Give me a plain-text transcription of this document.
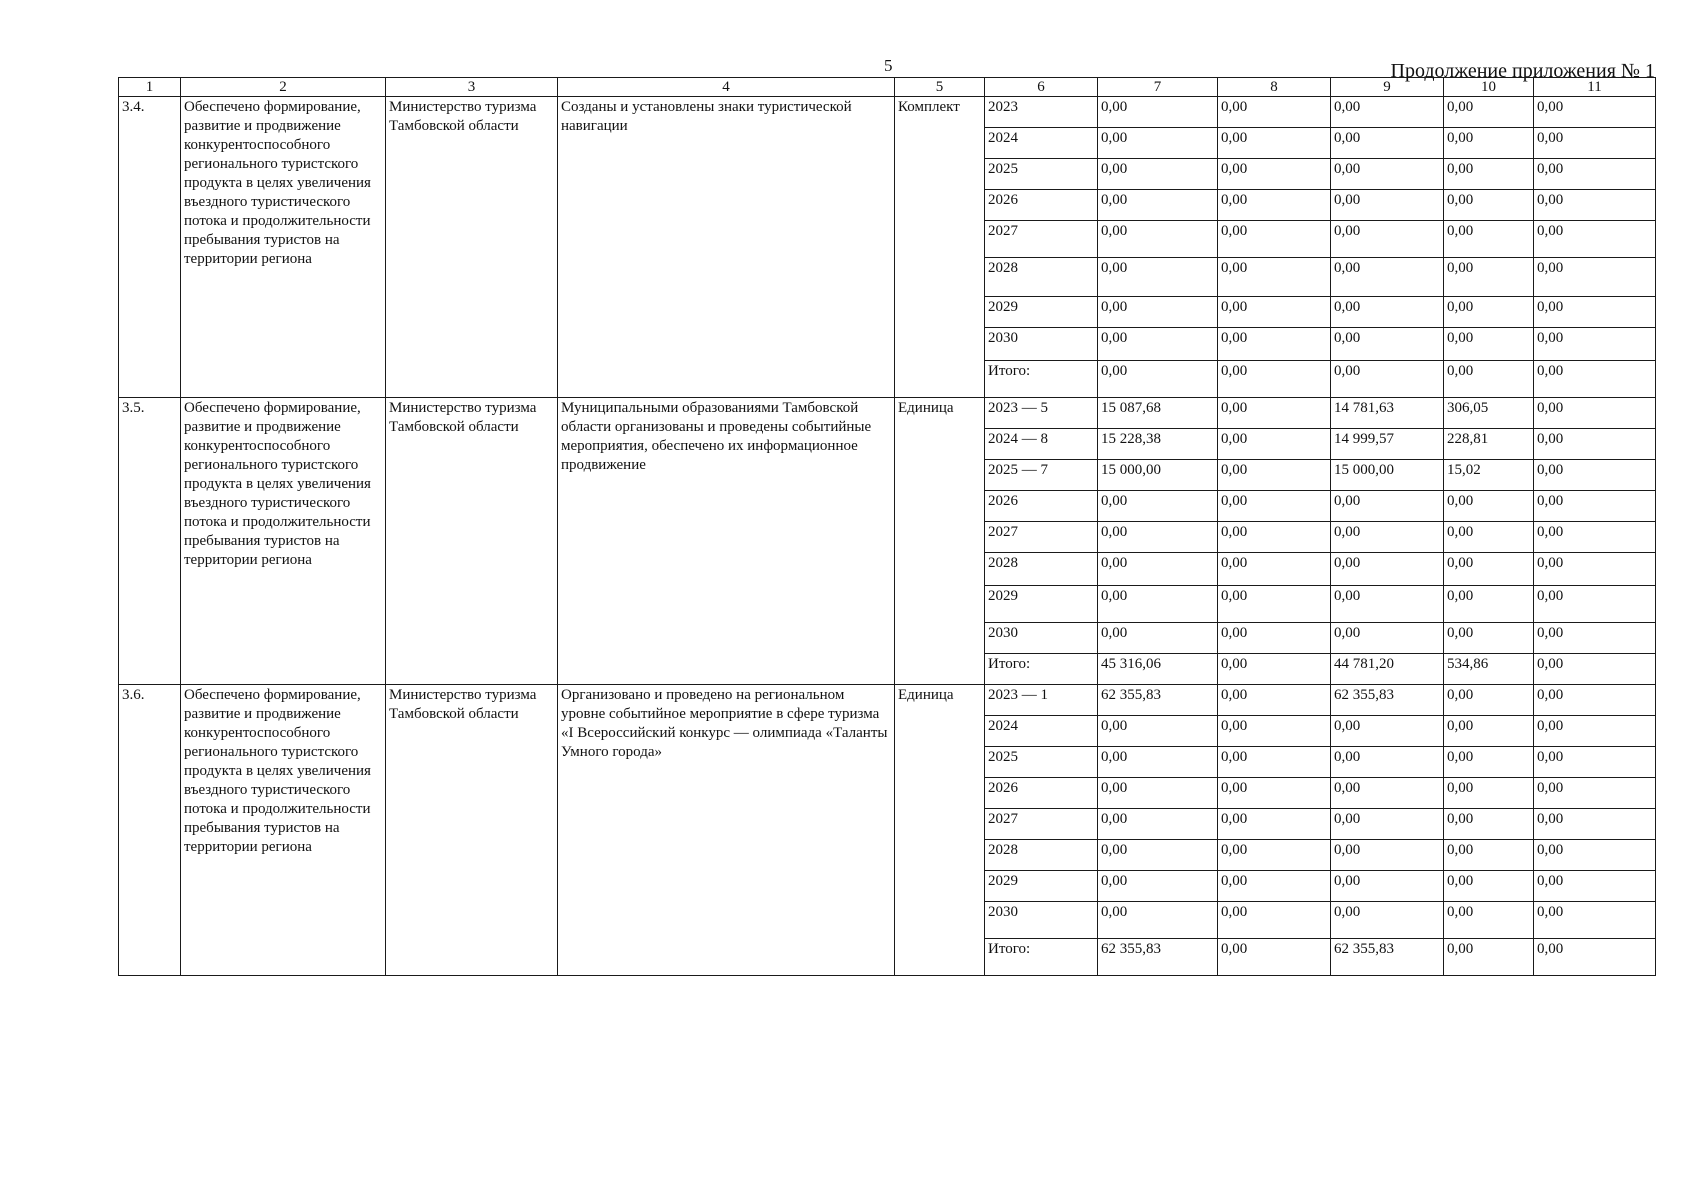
5	Продолжение приложения № 1
1	2	3	4	5	6	7	8	9	10	11
3.4.	Обеспечено формирование, развитие и продвижение конкурентоспособного регионального туристского продукта в целях увеличения въездного туристического потока и продолжительности пребывания туристов на территории региона	Министерство туризма Тамбовской области	Созданы и установлены знаки туристической навигации	Комплект	2023	0,00	0,00	0,00	0,00	0,00
					2024	0,00	0,00	0,00	0,00	0,00
					2025	0,00	0,00	0,00	0,00	0,00
					2026	0,00	0,00	0,00	0,00	0,00
					2027	0,00	0,00	0,00	0,00	0,00
					2028	0,00	0,00	0,00	0,00	0,00
					2029	0,00	0,00	0,00	0,00	0,00
					2030	0,00	0,00	0,00	0,00	0,00
					Итого:	0,00	0,00	0,00	0,00	0,00
3.5.	Обеспечено формирование, развитие и продвижение конкурентоспособного регионального туристского продукта в целях увеличения въездного туристического потока и продолжительности пребывания туристов на территории региона	Министерство туризма Тамбовской области	Муниципальными образованиями Тамбовской области организованы и проведены событийные мероприятия, обеспечено их информационное продвижение	Единица	2023 — 5	15 087,68	0,00	14 781,63	306,05	0,00
					2024 — 8	15 228,38	0,00	14 999,57	228,81	0,00
					2025 — 7	15 000,00	0,00	15 000,00	15,02	0,00
					2026	0,00	0,00	0,00	0,00	0,00
					2027	0,00	0,00	0,00	0,00	0,00
					2028	0,00	0,00	0,00	0,00	0,00
					2029	0,00	0,00	0,00	0,00	0,00
					2030	0,00	0,00	0,00	0,00	0,00
					Итого:	45 316,06	0,00	44 781,20	534,86	0,00
3.6.	Обеспечено формирование, развитие и продвижение конкурентоспособного регионального туристского продукта в целях увеличения въездного туристического потока и продолжительности пребывания туристов на территории региона	Министерство туризма Тамбовской области	Организовано и проведено на региональном уровне событийное мероприятие в сфере туризма «I Всероссийский конкурс — олимпиада «Таланты Умного города»	Единица	2023 — 1	62 355,83	0,00	62 355,83	0,00	0,00
					2024	0,00	0,00	0,00	0,00	0,00
					2025	0,00	0,00	0,00	0,00	0,00
					2026	0,00	0,00	0,00	0,00	0,00
					2027	0,00	0,00	0,00	0,00	0,00
					2028	0,00	0,00	0,00	0,00	0,00
					2029	0,00	0,00	0,00	0,00	0,00
					2030	0,00	0,00	0,00	0,00	0,00
					Итого:	62 355,83	0,00	62 355,83	0,00	0,00
